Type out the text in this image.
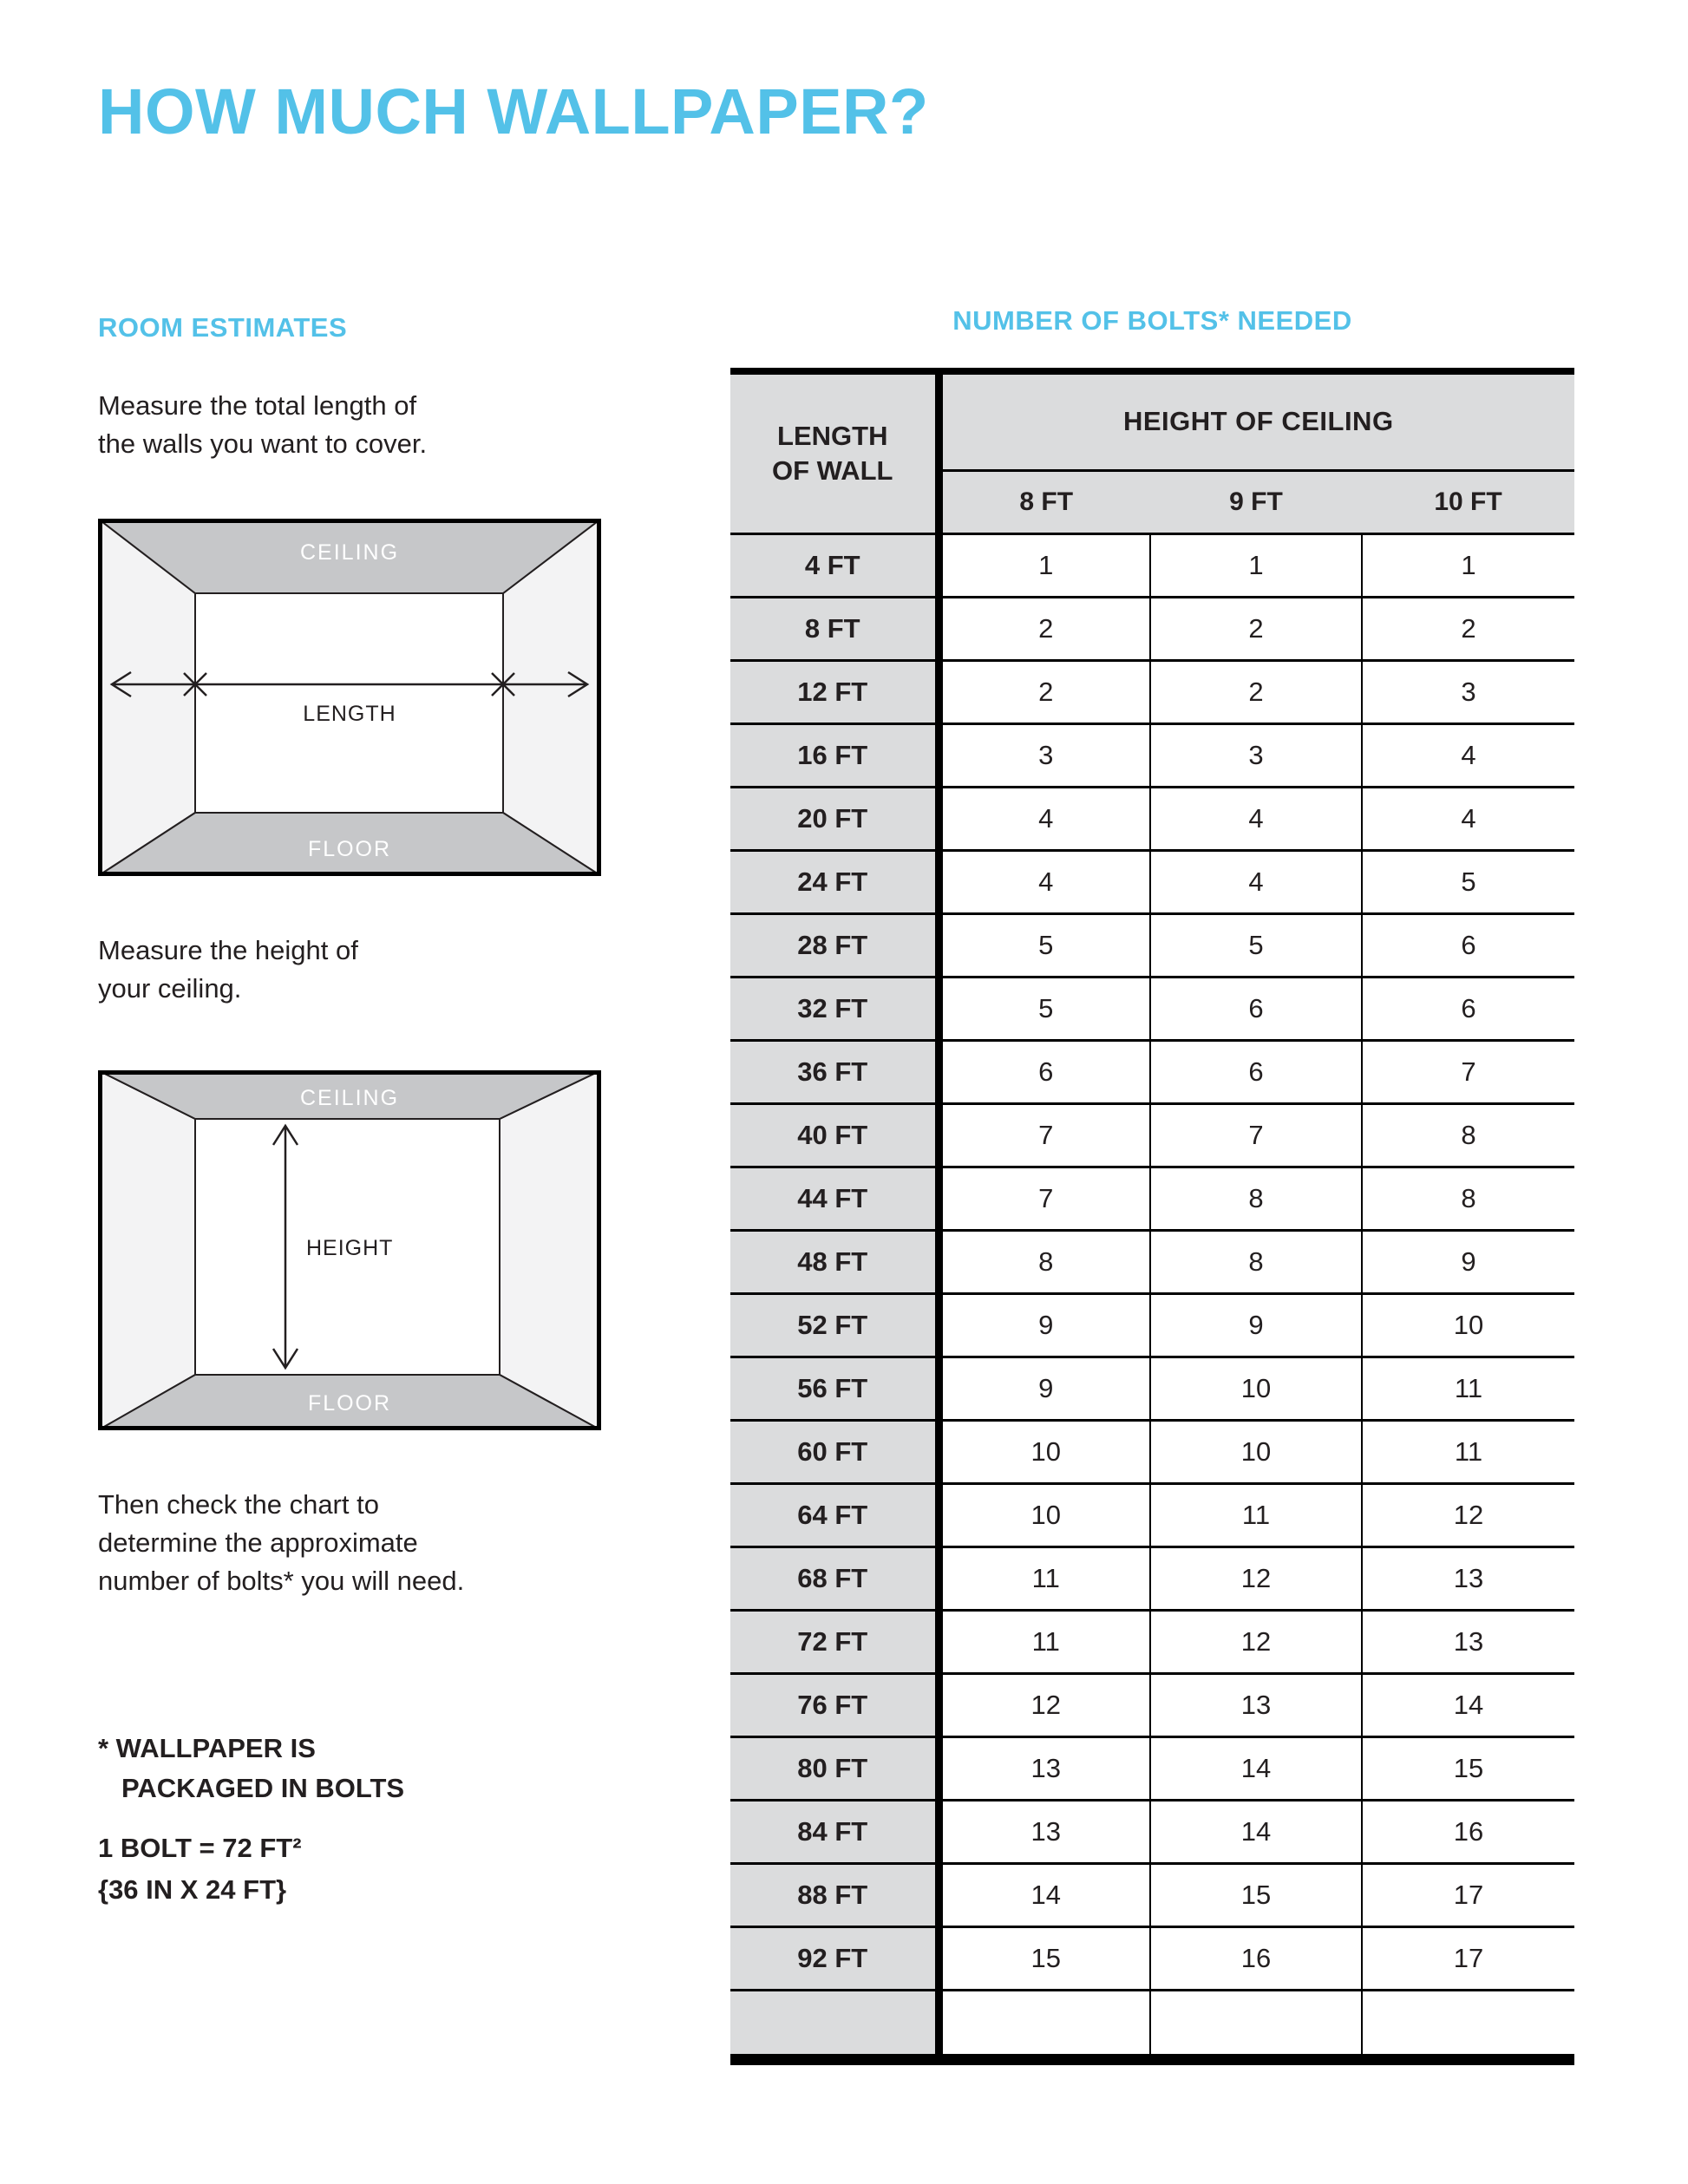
HOW MUCH WALLPAPER?
ROOM ESTIMATES

Measure the total length of
the walls you want to cover.

CEILING
FLOOR
LENGTH

Measure the height of
your ceiling.

CEILING
FLOOR
HEIGHT

Then check the chart to
determine the approximate
number of bolts* you will need.

* WALLPAPER IS
PACKAGED IN BOLTS

1 BOLT = 72 FT²
{36 IN X 24 FT}

NUMBER OF BOLTS* NEEDED
LENGTH
OF WALL	HEIGHT OF CEILING		
	8 FT	9 FT	10 FT
4 FT	1	1	1
8 FT	2	2	2
12 FT	2	2	3
16 FT	3	3	4
20 FT	4	4	4
24 FT	4	4	5
28 FT	5	5	6
32 FT	5	6	6
36 FT	6	6	7
40 FT	7	7	8
44 FT	7	8	8
48 FT	8	8	9
52 FT	9	9	10
56 FT	9	10	11
60 FT	10	10	11
64 FT	10	11	12
68 FT	11	12	13
72 FT	11	12	13
76 FT	12	13	14
80 FT	13	14	15
84 FT	13	14	16
88 FT	14	15	17
92 FT	15	16	17
